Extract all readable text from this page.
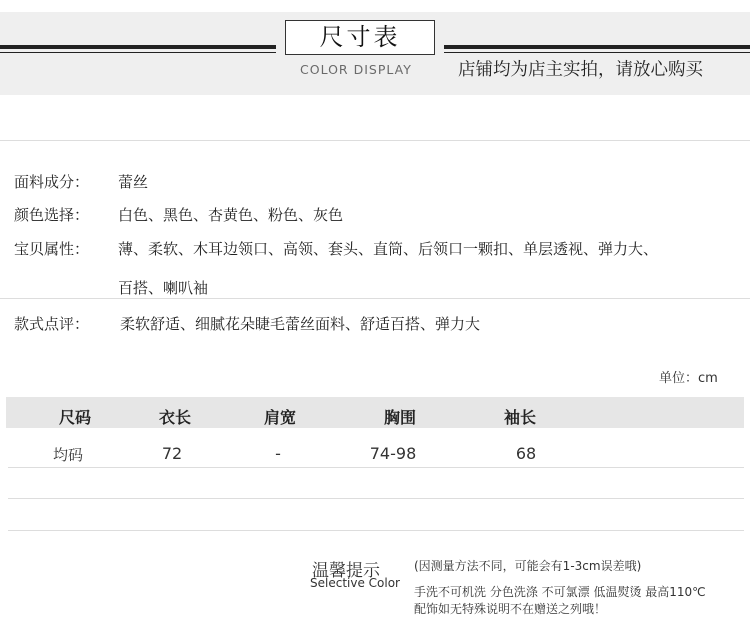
尺寸表
COLOR DISPLAY	店铺均为店主实拍，请放心购买
面料成分： 蕾丝
颜色选择： 白色、黑色、杏黄色、粉色、灰色
宝贝属性： 薄、柔软、木耳边领口、高领、套头、直筒、后领口一颗扣、单层透视、弹力大、
百搭、喇叭袖
款式点评： 柔软舒适、细腻花朵睫毛蕾丝面料、舒适百搭、弹力大
单位：cm
尺码	衣长	肩宽	胸围	袖长
均码	72	-	74-98	68
温馨提示
Selective Color
(因测量方法不同，可能会有1-3cm误差哦)
手洗不可机洗 分色洗涤 不可氯漂 低温熨烫 最高110℃
配饰如无特殊说明不在赠送之列哦！
